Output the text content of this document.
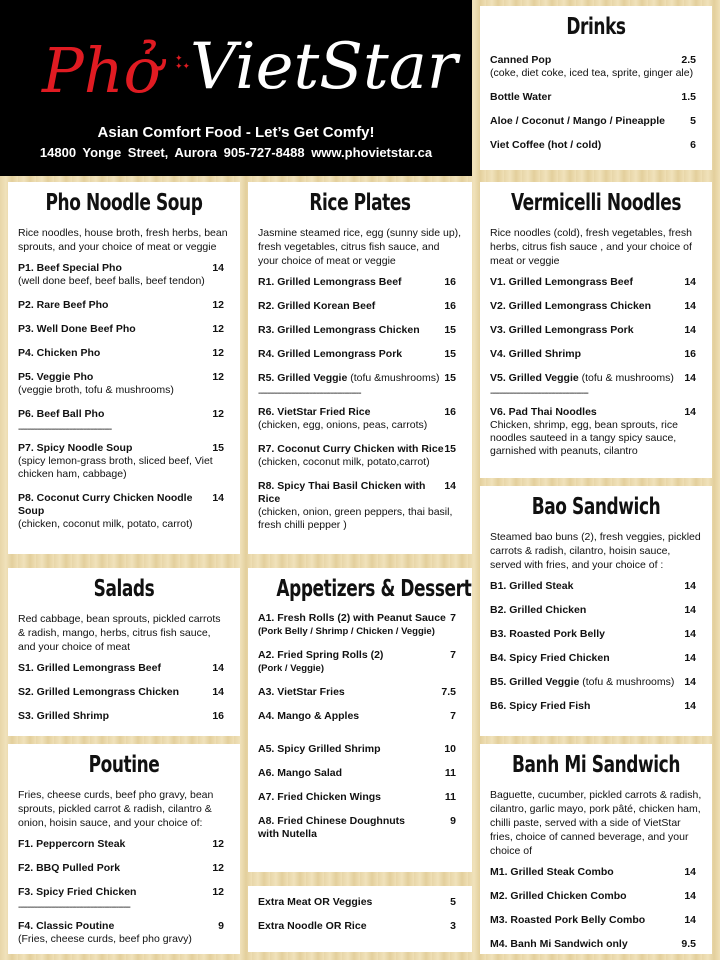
Phở ✦
✦✦ VietStar
Asian Comfort Food - Let’s Get Comfy!
14800 Yonge Street, Aurora 905-727-8488 www.phovietstar.ca
Drinks
Canned Pop	2.5
(coke, diet coke, iced tea, sprite, ginger ale)
Bottle Water	1.5
Aloe / Coconut / Mango / Pineapple 5
Viet Coffee (hot / cold)	6
Pho Noodle Soup
Rice noodles, house broth, fresh herbs, bean sprouts, and your choice of meat or veggie
P1. Beef Special Pho	14
(well done beef, beef balls, beef tendon)
P2. Rare Beef Pho	12
P3. Well Done Beef Pho	12
P4. Chicken Pho	12
P5. Veggie Pho	12
(veggie broth, tofu & mushrooms)
P6. Beef Ball Pho	12
----------------------------------------
P7. Spicy Noodle Soup	15
(spicy lemon-grass broth, sliced beef, Viet chicken ham, cabbage)
P8. Coconut Curry Chicken Noodle Soup
14
(chicken, coconut milk, potato, carrot)
Rice Plates
Jasmine steamed rice, egg (sunny side up), fresh vegetables, citrus fish sauce, and your choice of meat or veggie
R1. Grilled Lemongrass Beef	16
R2. Grilled Korean Beef	16
R3. Grilled Lemongrass Chicken 15
R4. Grilled Lemongrass Pork	15
R5. Grilled Veggie (tofu &mushrooms) 15
--------------------------------------------
R6. VietStar Fried Rice	16
(chicken, egg, onions, peas, carrots)
R7. Coconut Curry Chicken with Rice 15
(chicken, coconut milk, potato,carrot)
R8. Spicy Thai Basil Chicken with Rice
14
(chicken, onion, green peppers, thai basil, fresh chilli pepper )
Vermicelli Noodles
Rice noodles (cold), fresh vegetables, fresh herbs, citrus fish sauce , and your choice of meat or veggie
V1. Grilled Lemongrass Beef	14
V2. Grilled Lemongrass Chicken	14
V3. Grilled Lemongrass Pork	14
V4. Grilled Shrimp	16
V5. Grilled Veggie (tofu & mushrooms) 14
------------------------------------------
V6. Pad Thai Noodles	14
Chicken, shrimp, egg, bean sprouts, rice noodles sauteed in a tangy spicy sauce, garnished with peanuts, cilantro
Bao Sandwich
Steamed bao buns (2), fresh veggies, pickled carrots & radish, cilantro, hoisin sauce, served with fries, and your choice of :
B1. Grilled Steak	14
B2. Grilled Chicken	14
B3. Roasted Pork Belly	14
B4. Spicy Fried Chicken	14
B5. Grilled Veggie (tofu & mushrooms) 14
B6. Spicy Fried Fish	14
Salads
Red cabbage, bean sprouts, pickled carrots & radish, mango, herbs, citrus fish sauce, and your choice of meat
S1. Grilled Lemongrass Beef	14
S2. Grilled Lemongrass Chicken	14
S3. Grilled Shrimp	16
Appetizers & Dessert
A1. Fresh Rolls (2) with Peanut Sauce 7
(Pork Belly / Shrimp / Chicken / Veggie)
A2. Fried Spring Rolls (2)	7
(Pork / Veggie)
A3. VietStar Fries	7.5
A4. Mango & Apples	7
A5. Spicy Grilled Shrimp	10
A6. Mango Salad	11
A7. Fried Chicken Wings	11
A8. Fried Chinese Doughnuts with Nutella
9
Poutine
Fries, cheese curds, beef pho gravy, bean sprouts, pickled carrot & radish, cilantro & onion, hoisin sauce, and your choice of:
F1. Peppercorn Steak	12
F2. BBQ Pulled Pork	12
F3. Spicy Fried Chicken	12
------------------------------------------------
F4. Classic Poutine	9
(Fries, cheese curds, beef pho gravy)
Extra Meat OR Veggies	5
Extra Noodle OR Rice	3
Banh Mi Sandwich
Baguette, cucumber, pickled carrots & radish, cilantro, garlic mayo, pork pâté, chicken ham, chilli paste, served with a side of VietStar fries, choice of canned beverage, and your choice of
M1. Grilled Steak Combo	14
M2. Grilled Chicken Combo	14
M3. Roasted Pork Belly Combo	14
M4. Banh Mi Sandwich only	9.5
